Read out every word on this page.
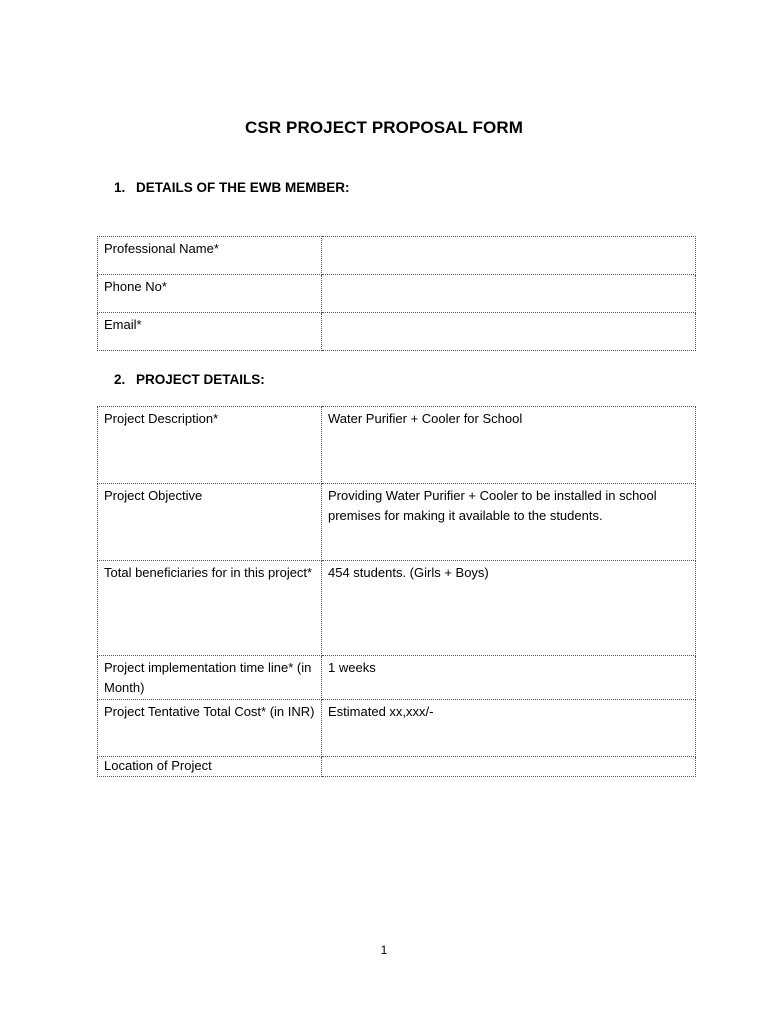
CSR PROJECT PROPOSAL FORM
1. DETAILS OF THE EWB MEMBER:
Professional Name*	
Phone No*	
Email*	
2. PROJECT DETAILS:
Project Description*	Water Purifier + Cooler for School
Project Objective	Providing Water Purifier + Cooler to be installed in school premises for making it available to the students.
Total beneficiaries for in this project*	454 students. (Girls + Boys)
Project implementation time line* (in Month)	1 weeks
Project Tentative Total Cost* (in INR)	Estimated xx,xxx/-
Location of Project	
1
